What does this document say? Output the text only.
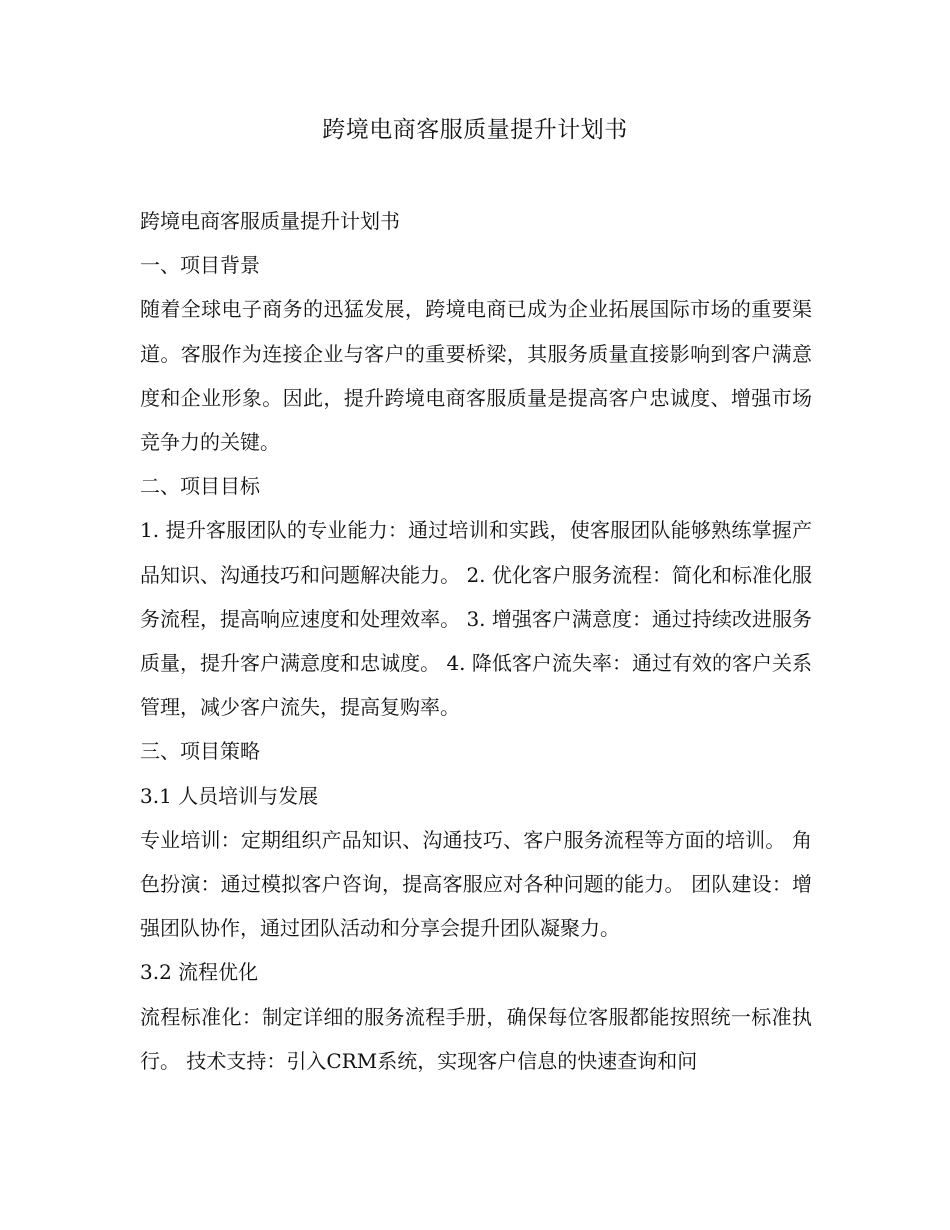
跨境电商客服质量提升计划书

跨境电商客服质量提升计划书

一、项目背景

随着全球电子商务的迅猛发展，跨境电商已成为企业拓展国际市场的重要渠道。客服作为连接企业与客户的重要桥梁，其服务质量直接影响到客户满意度和企业形象。因此，提升跨境电商客服质量是提高客户忠诚度、增强市场竞争力的关键。

二、项目目标

1. 提升客服团队的专业能力：通过培训和实践，使客服团队能够熟练掌握产品知识、沟通技巧和问题解决能力。 2. 优化客户服务流程：简化和标准化服务流程，提高响应速度和处理效率。 3. 增强客户满意度：通过持续改进服务质量，提升客户满意度和忠诚度。 4. 降低客户流失率：通过有效的客户关系管理，减少客户流失，提高复购率。

三、项目策略

3.1 人员培训与发展

专业培训：定期组织产品知识、沟通技巧、客户服务流程等方面的培训。 角色扮演：通过模拟客户咨询，提高客服应对各种问题的能力。 团队建设：增强团队协作，通过团队活动和分享会提升团队凝聚力。

3.2 流程优化

流程标准化：制定详细的服务流程手册，确保每位客服都能按照统一标准执行。 技术支持：引入CRM系统，实现客户信息的快速查询和问
